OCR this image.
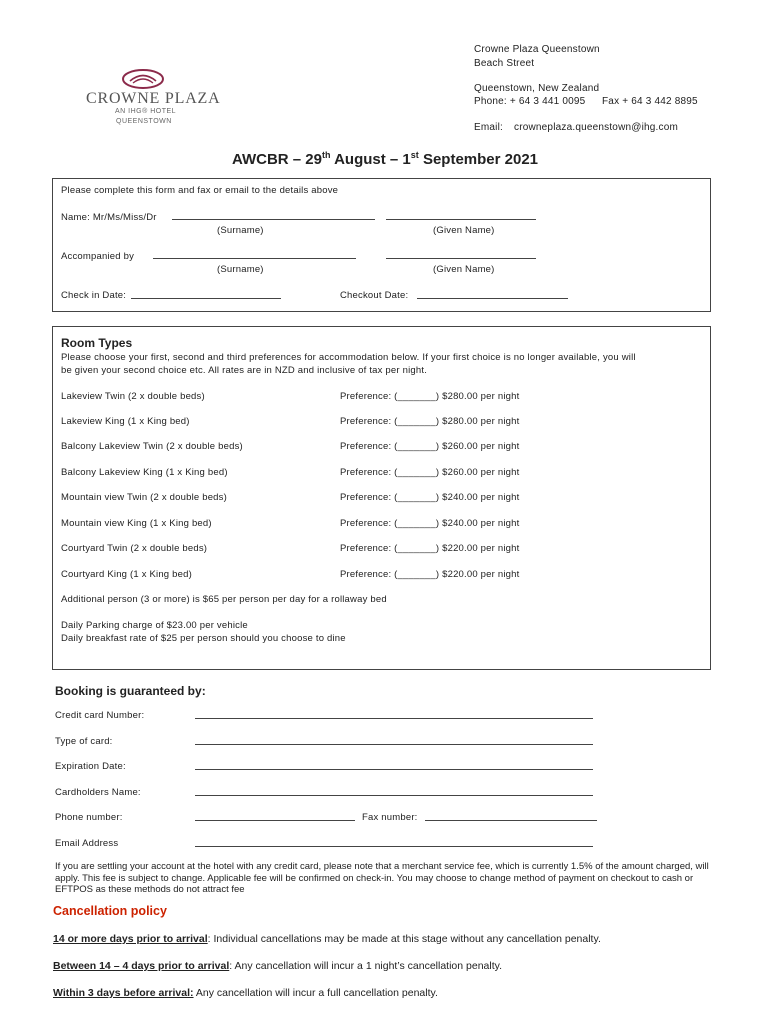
CROWNE PLAZA
AN IHG® HOTEL
QUEENSTOWN
Crowne Plaza Queenstown
Beach Street
Queenstown, New Zealand
Phone: + 64 3 441 0095 Fax + 64 3 442 8895
Email: crowneplaza.queenstown@ihg.com
AWCBR – 29th August – 1st September 2021
Please complete this form and fax or email to the details above
Name: Mr/Ms/Miss/Dr
(Surname)	(Given Name)
Accompanied by
(Surname)	(Given Name)
Check in Date:	Checkout Date:
Room Types
Please choose your first, second and third preferences for accommodation below. If your first choice is no longer available, you will
be given your second choice etc. All rates are in NZD and inclusive of tax per night.
Lakeview Twin (2 x double beds)	Preference: (_______) $280.00 per night
Lakeview King (1 x King bed)	Preference: (_______) $280.00 per night
Balcony Lakeview Twin (2 x double beds)	Preference: (_______) $260.00 per night
Balcony Lakeview King (1 x King bed)	Preference: (_______) $260.00 per night
Mountain view Twin (2 x double beds)	Preference: (_______) $240.00 per night
Mountain view King (1 x King bed)	Preference: (_______) $240.00 per night
Courtyard Twin (2 x double beds)	Preference: (_______) $220.00 per night
Courtyard King (1 x King bed)	Preference: (_______) $220.00 per night
Additional person (3 or more) is $65 per person per day for a rollaway bed
Daily Parking charge of $23.00 per vehicle
Daily breakfast rate of $25 per person should you choose to dine
Booking is guaranteed by:
Credit card Number:
Type of card:
Expiration Date:
Cardholders Name:
Phone number:	Fax number:
Email Address
If you are settling your account at the hotel with any credit card, please note that a merchant service fee, which is currently 1.5% of the amount charged, will apply. This fee is subject to change. Applicable fee will be confirmed on check-in. You may choose to change method of payment on checkout to cash or EFTPOS as these methods do not attract fee
Cancellation policy
14 or more days prior to arrival: Individual cancellations may be made at this stage without any cancellation penalty.
Between 14 – 4 days prior to arrival: Any cancellation will incur a 1 night’s cancellation penalty.
Within 3 days before arrival: Any cancellation will incur a full cancellation penalty.
